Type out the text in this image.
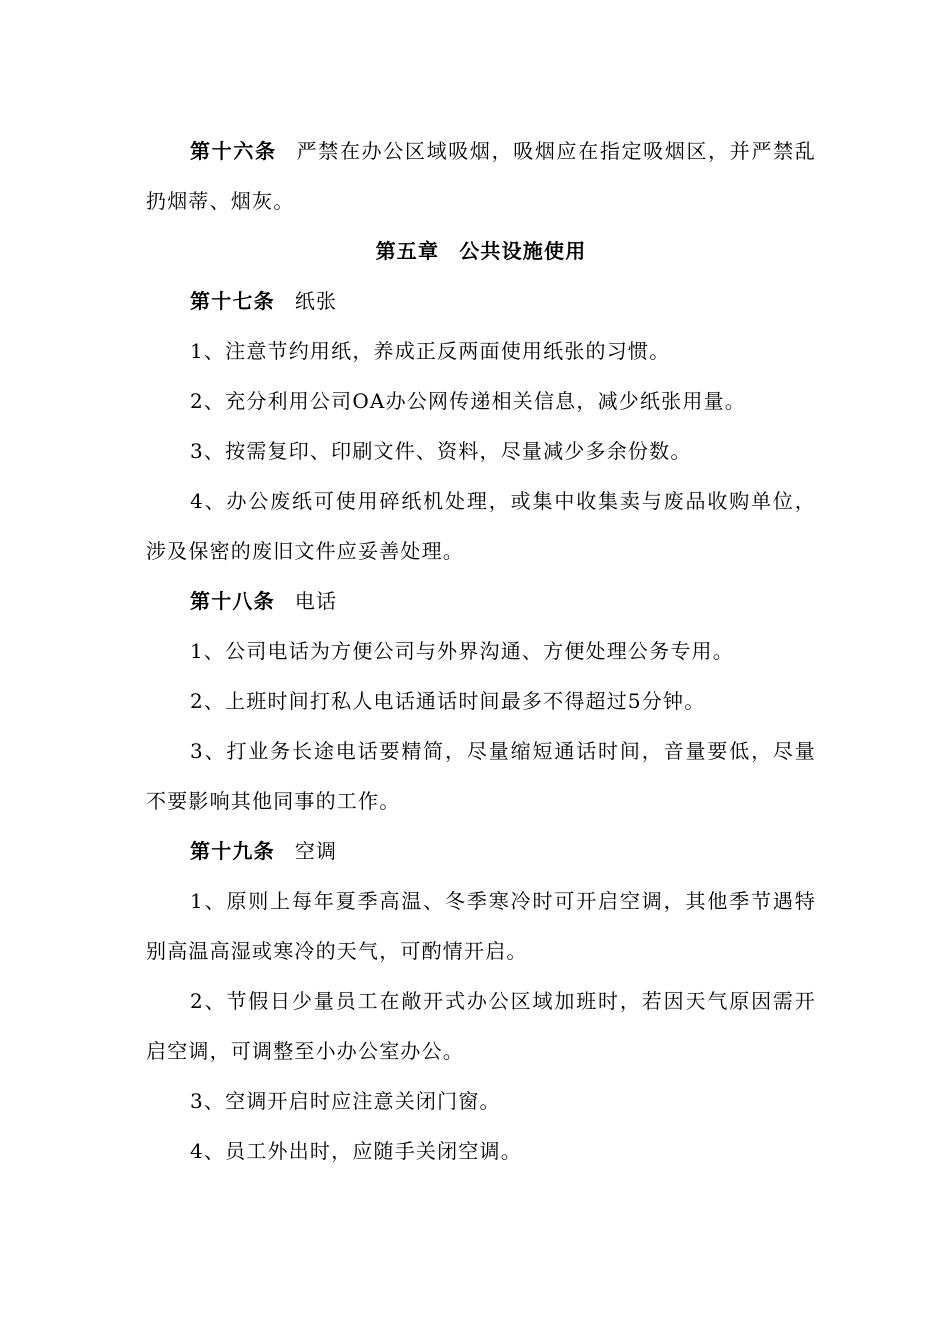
第十六条 严禁在办公区域吸烟，吸烟应在指定吸烟区，并严禁乱扔烟蒂、烟灰。

第五章 公共设施使用

第十七条 纸张

1、注意节约用纸，养成正反两面使用纸张的习惯。

2、充分利用公司OA办公网传递相关信息，减少纸张用量。

3、按需复印、印刷文件、资料，尽量减少多余份数。

4、办公废纸可使用碎纸机处理，或集中收集卖与废品收购单位，涉及保密的废旧文件应妥善处理。

第十八条 电话

1、公司电话为方便公司与外界沟通、方便处理公务专用。

2、上班时间打私人电话通话时间最多不得超过5分钟。

3、打业务长途电话要精简，尽量缩短通话时间，音量要低，尽量不要影响其他同事的工作。

第十九条 空调

1、原则上每年夏季高温、冬季寒冷时可开启空调，其他季节遇特别高温高湿或寒冷的天气，可酌情开启。

2、节假日少量员工在敞开式办公区域加班时，若因天气原因需开启空调，可调整至小办公室办公。

3、空调开启时应注意关闭门窗。

4、员工外出时，应随手关闭空调。
